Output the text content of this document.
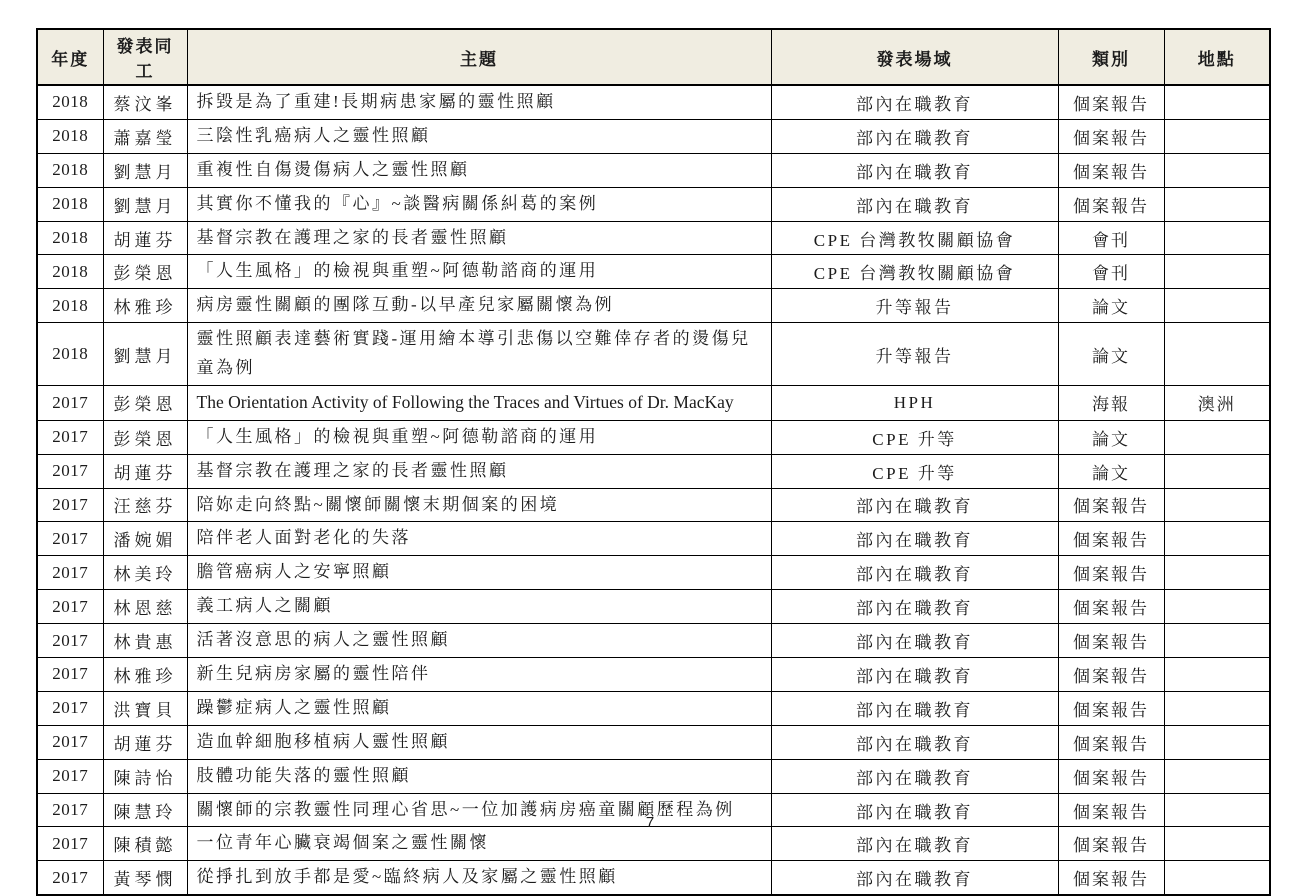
年度	發表同工	主題	發表場域	類別	地點
2018	蔡汶峯	拆毀是為了重建!長期病患家屬的靈性照顧	部內在職教育	個案報告	
2018	蕭嘉瑩	三陰性乳癌病人之靈性照顧	部內在職教育	個案報告	
2018	劉慧月	重複性自傷燙傷病人之靈性照顧	部內在職教育	個案報告	
2018	劉慧月	其實你不懂我的『心』~談醫病關係糾葛的案例	部內在職教育	個案報告	
2018	胡蓮芬	基督宗教在護理之家的長者靈性照顧	CPE 台灣教牧關顧協會	會刊	
2018	彭榮恩	「人生風格」的檢視與重塑~阿德勒諮商的運用	CPE 台灣教牧關顧協會	會刊	
2018	林雅珍	病房靈性關顧的團隊互動-以早產兒家屬關懷為例	升等報告	論文	
2018	劉慧月	靈性照顧表達藝術實踐-運用繪本導引悲傷以空難倖存者的燙傷兒童為例	升等報告	論文	
2017	彭榮恩	The Orientation Activity of Following the Traces and Virtues of Dr. MacKay	HPH	海報	澳洲
2017	彭榮恩	「人生風格」的檢視與重塑~阿德勒諮商的運用	CPE 升等	論文	
2017	胡蓮芬	基督宗教在護理之家的長者靈性照顧	CPE 升等	論文	
2017	汪慈芬	陪妳走向終點~關懷師關懷末期個案的困境	部內在職教育	個案報告	
2017	潘婉媚	陪伴老人面對老化的失落	部內在職教育	個案報告	
2017	林美玲	膽管癌病人之安寧照顧	部內在職教育	個案報告	
2017	林恩慈	義工病人之關顧	部內在職教育	個案報告	
2017	林貴惠	活著沒意思的病人之靈性照顧	部內在職教育	個案報告	
2017	林雅珍	新生兒病房家屬的靈性陪伴	部內在職教育	個案報告	
2017	洪寶貝	躁鬱症病人之靈性照顧	部內在職教育	個案報告	
2017	胡蓮芬	造血幹細胞移植病人靈性照顧	部內在職教育	個案報告	
2017	陳詩怡	肢體功能失落的靈性照顧	部內在職教育	個案報告	
2017	陳慧玲	關懷師的宗教靈性同理心省思~一位加護病房癌童關顧歷程為例	部內在職教育	個案報告	
2017	陳積懿	一位青年心臟衰竭個案之靈性關懷	部內在職教育	個案報告	
2017	黃琴憫	從掙扎到放手都是愛~臨終病人及家屬之靈性照顧	部內在職教育	個案報告	
7
